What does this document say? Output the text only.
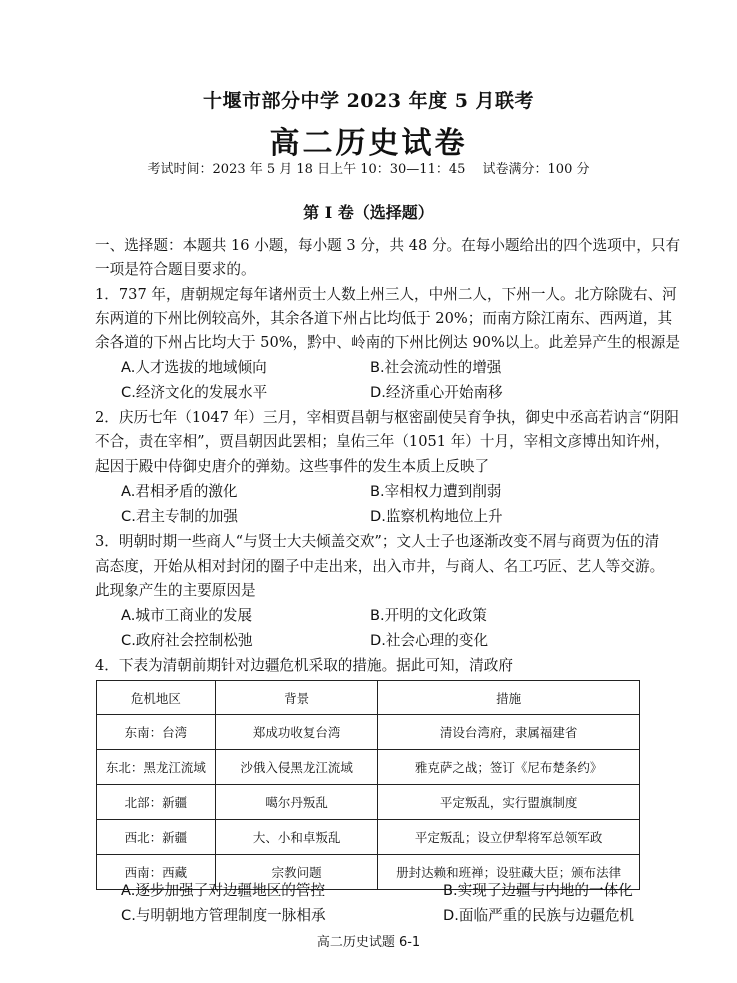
十堰市部分中学 2023 年度 5 月联考
高二历史试卷
考试时间：2023 年 5 月 18 日上午 10：30—11：45　 试卷满分：100 分
第 I 卷（选择题）
一、选择题：本题共 16 小题，每小题 3 分，共 48 分。在每小题给出的四个选项中，只有
一项是符合题目要求的。
1．737 年，唐朝规定每年诸州贡士人数上州三人，中州二人，下州一人。北方除陇右、河
东两道的下州比例较高外，其余各道下州占比均低于 20%；而南方除江南东、西两道，其
余各道的下州占比均大于 50%，黔中、岭南的下州比例达 90%以上。此差异产生的根源是
A.人才选拔的地域倾向	B.社会流动性的增强
C.经济文化的发展水平	D.经济重心开始南移
2．庆历七年（1047 年）三月，宰相贾昌朝与枢密副使吴育争执，御史中丞高若讷言“阴阳
不合，责在宰相”，贾昌朝因此罢相；皇佑三年（1051 年）十月，宰相文彦博出知许州，
起因于殿中侍御史唐介的弹劾。这些事件的发生本质上反映了
A.君相矛盾的激化	B.宰相权力遭到削弱
C.君主专制的加强	D.监察机构地位上升
3．明朝时期一些商人“与贤士大夫倾盖交欢”；文人士子也逐渐改变不屑与商贾为伍的清
高态度，开始从相对封闭的圈子中走出来，出入市井，与商人、名工巧匠、艺人等交游。
此现象产生的主要原因是
A.城市工商业的发展	B.开明的文化政策
C.政府社会控制松弛	D.社会心理的变化
4．下表为清朝前期针对边疆危机采取的措施。据此可知，清政府
危机地区	背景	措施
东南：台湾	郑成功收复台湾	清设台湾府，隶属福建省
东北：黑龙江流域	沙俄入侵黑龙江流域	雅克萨之战；签订《尼布楚条约》
北部：新疆	噶尔丹叛乱	平定叛乱，实行盟旗制度
西北：新疆	大、小和卓叛乱	平定叛乱；设立伊犁将军总领军政
西南：西藏	宗教问题	册封达赖和班禅；设驻藏大臣；颁布法律
A.逐步加强了对边疆地区的管控	B.实现了边疆与内地的一体化
C.与明朝地方管理制度一脉相承	D.面临严重的民族与边疆危机
高二历史试题 6-1
